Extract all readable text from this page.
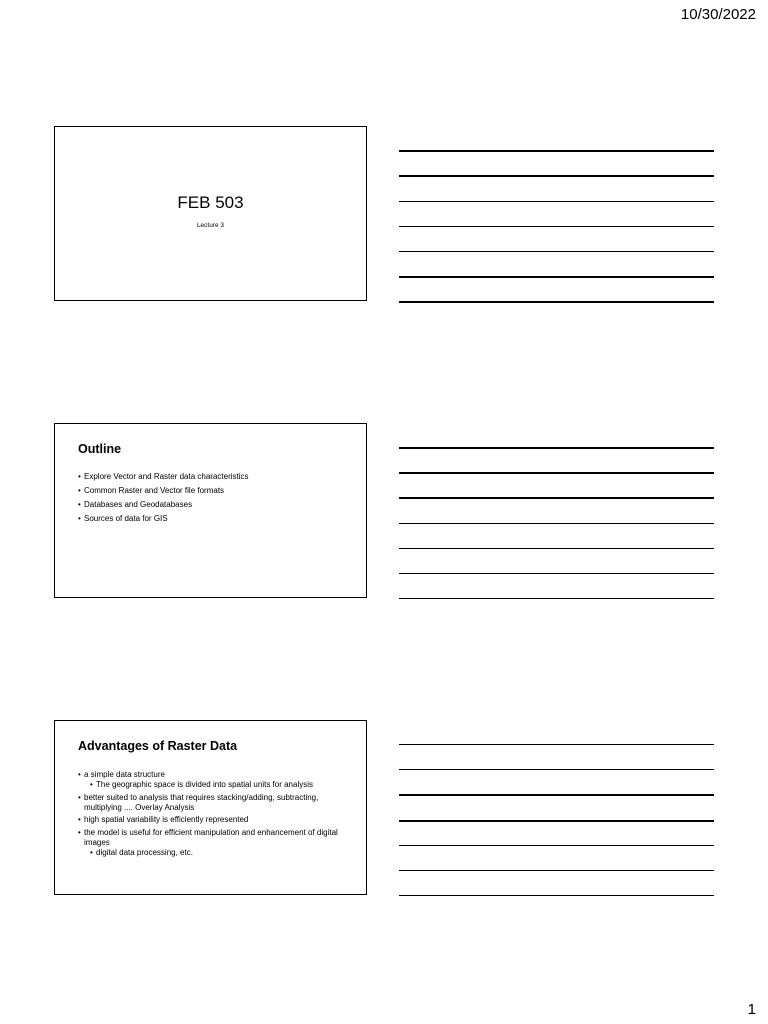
10/30/2022
FEB 503
Lecture 3
Outline
• Explore Vector and Raster data characteristics
• Common Raster and Vector file formats
• Databases and Geodatabases
• Sources of data for GIS
Advantages of Raster Data
• a simple data structure
• The geographic space is divided into spatial units for analysis
• better suited to analysis that requires stacking/adding, subtracting, multiplying .... Overlay Analysis
• high spatial variability is efficiently represented
• the model is useful for efficient manipulation and enhancement of digital images
• digital data processing, etc.
1
